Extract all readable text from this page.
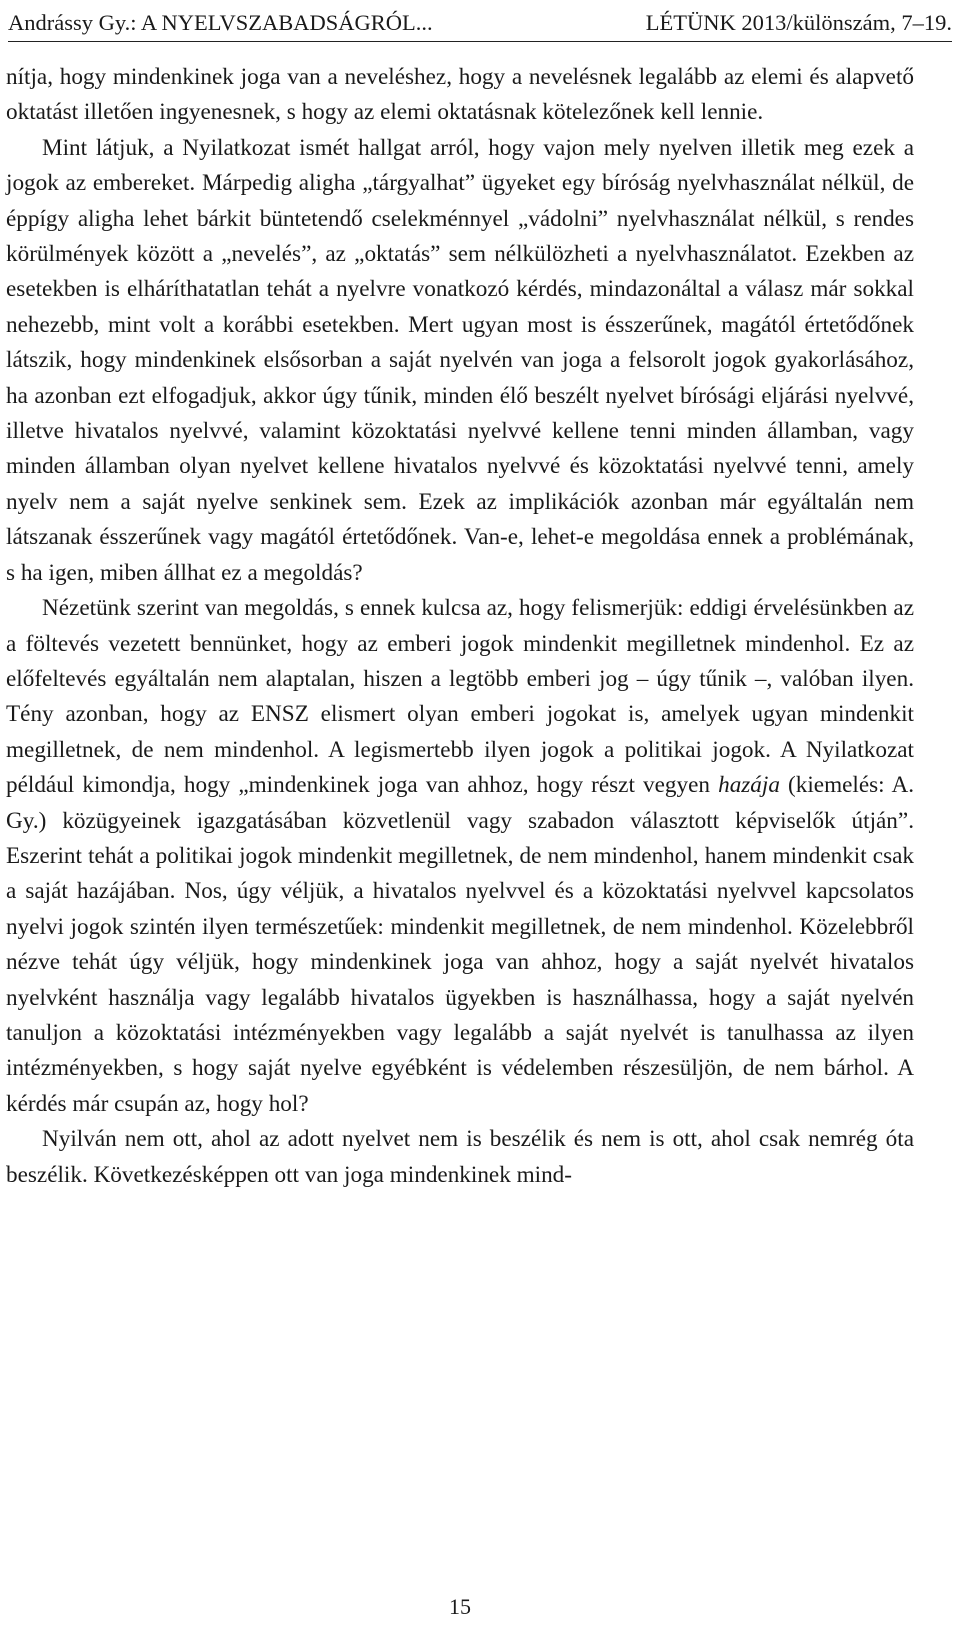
Andrássy Gy.: A NYELVSZABADSÁGRÓL...	LÉTÜNK 2013/különszám, 7–19.

nítja, hogy mindenkinek joga van a neveléshez, hogy a nevelésnek legalább az elemi és alapvető oktatást illetően ingyenesnek, s hogy az elemi oktatásnak kötelezőnek kell lennie.

Mint látjuk, a Nyilatkozat ismét hallgat arról, hogy vajon mely nyelven illetik meg ezek a jogok az embereket. Márpedig aligha „tárgyalhat” ügyeket egy bíróság nyelvhasználat nélkül, de éppígy aligha lehet bárkit büntetendő cselekménnyel „vádolni” nyelvhasználat nélkül, s rendes körülmények között a „nevelés”, az „oktatás” sem nélkülözheti a nyelvhasználatot. Ezekben az esetekben is elháríthatatlan tehát a nyelvre vonatkozó kérdés, mindazonáltal a válasz már sokkal nehezebb, mint volt a korábbi esetekben. Mert ugyan most is ésszerűnek, magától értetődőnek látszik, hogy mindenkinek elsősorban a saját nyelvén van joga a felsorolt jogok gyakorlásához, ha azonban ezt elfogadjuk, akkor úgy tűnik, minden élő beszélt nyelvet bírósági eljárási nyelvvé, illetve hivatalos nyelvvé, valamint közoktatási nyelvvé kellene tenni minden államban, vagy minden államban olyan nyelvet kellene hivatalos nyelvvé és közoktatási nyelvvé tenni, amely nyelv nem a saját nyelve senkinek sem. Ezek az implikációk azonban már egyáltalán nem látszanak ésszerűnek vagy magától értetődőnek. Van-e, lehet-e megoldása ennek a problémának, s ha igen, miben állhat ez a megoldás?

Nézetünk szerint van megoldás, s ennek kulcsa az, hogy felismerjük: eddigi érvelésünkben az a föltevés vezetett bennünket, hogy az emberi jogok mindenkit megilletnek mindenhol. Ez az előfeltevés egyáltalán nem alaptalan, hiszen a legtöbb emberi jog – úgy tűnik –, valóban ilyen. Tény azonban, hogy az ENSZ elismert olyan emberi jogokat is, amelyek ugyan mindenkit megilletnek, de nem mindenhol. A legismertebb ilyen jogok a politikai jogok. A Nyilatkozat például kimondja, hogy „mindenkinek joga van ahhoz, hogy részt vegyen hazája (kiemelés: A. Gy.) közügyeinek igazgatásában közvetlenül vagy szabadon választott képviselők útján”. Eszerint tehát a politikai jogok mindenkit megilletnek, de nem mindenhol, hanem mindenkit csak a saját hazájában. Nos, úgy véljük, a hivatalos nyelvvel és a közoktatási nyelvvel kapcsolatos nyelvi jogok szintén ilyen természetűek: mindenkit megilletnek, de nem mindenhol. Közelebbről nézve tehát úgy véljük, hogy mindenkinek joga van ahhoz, hogy a saját nyelvét hivatalos nyelvként használja vagy legalább hivatalos ügyekben is használhassa, hogy a saját nyelvén tanuljon a közoktatási intézményekben vagy legalább a saját nyelvét is tanulhassa az ilyen intézményekben, s hogy saját nyelve egyébként is védelemben részesüljön, de nem bárhol. A kérdés már csupán az, hogy hol?

Nyilván nem ott, ahol az adott nyelvet nem is beszélik és nem is ott, ahol csak nemrég óta beszélik. Következésképpen ott van joga mindenkinek mind-

15
